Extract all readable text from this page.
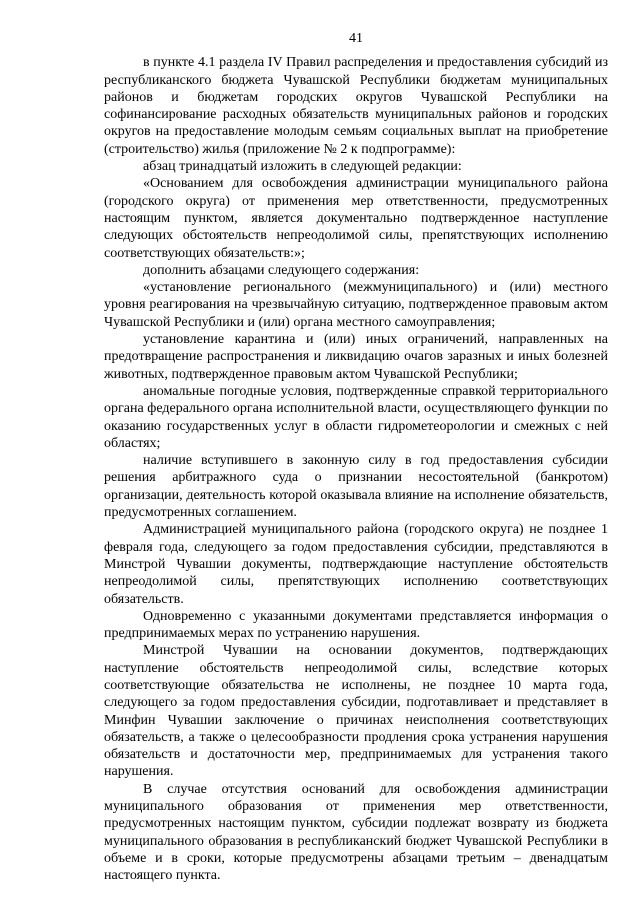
41

в пункте 4.1 раздела IV Правил распределения и предоставления субсидий из республиканского бюджета Чувашской Республики бюджетам муниципальных районов и бюджетам городских округов Чувашской Республики на софинансирование расходных обязательств муниципальных районов и городских округов на предоставление молодым семьям социальных выплат на приобретение (строительство) жилья (приложение № 2 к подпрограмме):

абзац тринадцатый изложить в следующей редакции:

«Основанием для освобождения администрации муниципального района (городского округа) от применения мер ответственности, предусмотренных настоящим пунктом, является документально подтвержденное наступление следующих обстоятельств непреодолимой силы, препятствующих исполнению соответствующих обязательств:»;

дополнить абзацами следующего содержания:

«установление регионального (межмуниципального) и (или) местного уровня реагирования на чрезвычайную ситуацию, подтвержденное правовым актом Чувашской Республики и (или) органа местного самоуправления;

установление карантина и (или) иных ограничений, направленных на предотвращение распространения и ликвидацию очагов заразных и иных болезней животных, подтвержденное правовым актом Чувашской Республики;

аномальные погодные условия, подтвержденные справкой территориального органа федерального органа исполнительной власти, осуществляющего функции по оказанию государственных услуг в области гидрометеорологии и смежных с ней областях;

наличие вступившего в законную силу в год предоставления субсидии решения арбитражного суда о признании несостоятельной (банкротом) организации, деятельность которой оказывала влияние на исполнение обязательств, предусмотренных соглашением.

Администрацией муниципального района (городского округа) не позднее 1 февраля года, следующего за годом предоставления субсидии, представляются в Минстрой Чувашии документы, подтверждающие наступление обстоятельств непреодолимой силы, препятствующих исполнению соответствующих обязательств.

Одновременно с указанными документами представляется информация о предпринимаемых мерах по устранению нарушения.

Минстрой Чувашии на основании документов, подтверждающих наступление обстоятельств непреодолимой силы, вследствие которых соответствующие обязательства не исполнены, не позднее 10 марта года, следующего за годом предоставления субсидии, подготавливает и представляет в Минфин Чувашии заключение о причинах неисполнения соответствующих обязательств, а также о целесообразности продления срока устранения нарушения обязательств и достаточности мер, предпринимаемых для устранения такого нарушения.

В случае отсутствия оснований для освобождения администрации муниципального образования от применения мер ответственности, предусмотренных настоящим пунктом, субсидии подлежат возврату из бюджета муниципального образования в республиканский бюджет Чувашской Республики в объеме и в сроки, которые предусмотрены абзацами третьим – двенадцатым настоящего пункта.
